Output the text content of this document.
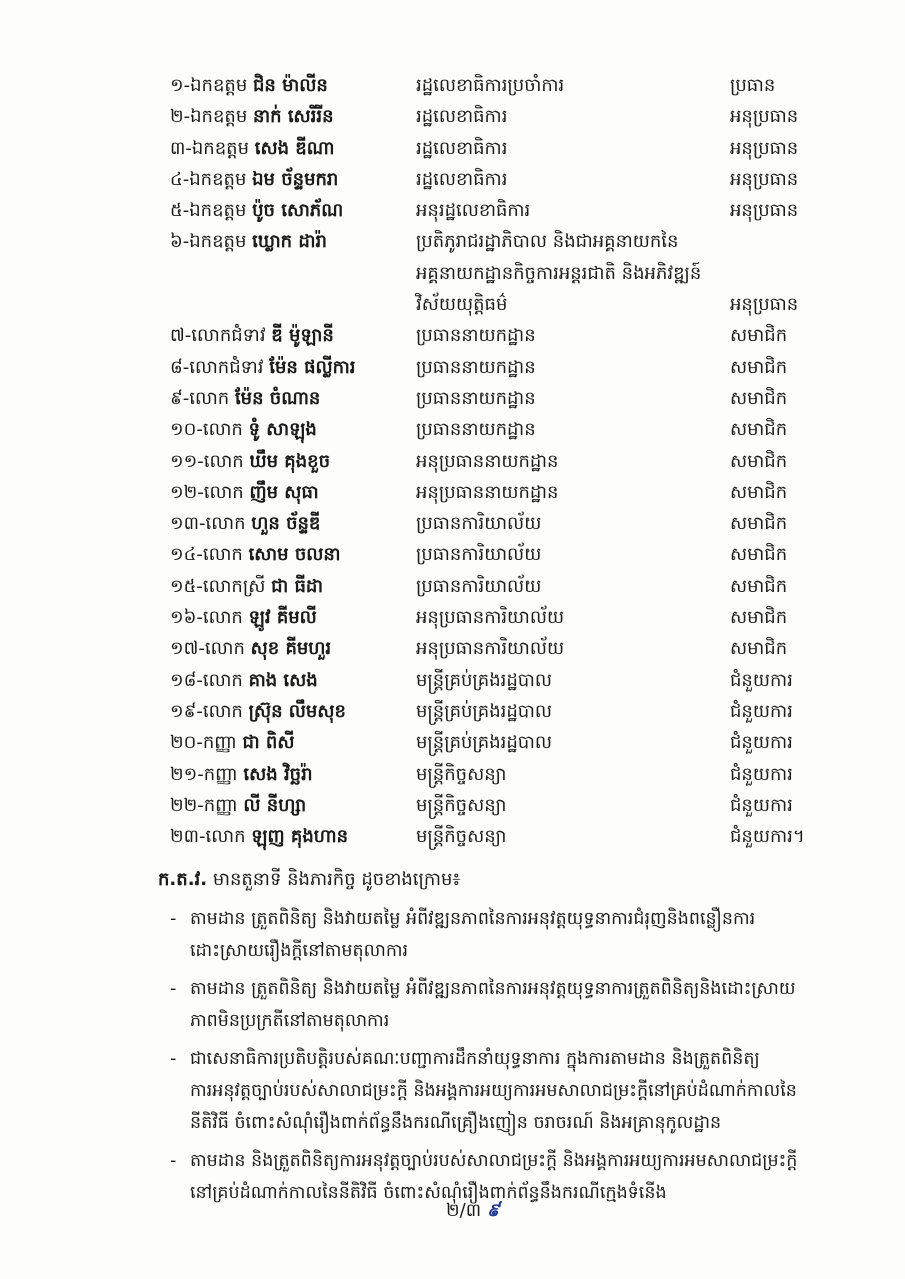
១-ឯកឧត្តម ជិន ម៉ាលីន	រដ្ឋលេខាធិការប្រចាំការ	ប្រធាន
២-ឯកឧត្តម នាក់ សេរីរីន	រដ្ឋលេខាធិការ	អនុប្រធាន
៣-ឯកឧត្តម សេង ឌីណា	រដ្ឋលេខាធិការ	អនុប្រធាន
៤-ឯកឧត្តម ឯម ច័ន្ទមករា	រដ្ឋលេខាធិការ	អនុប្រធាន
៥-ឯកឧត្តម ប៉ូច សោភ័ណ	អនុរដ្ឋលេខាធិការ	អនុប្រធាន
៦-ឯកឧត្តម ឃ្លោក ដារ៉ា	ប្រតិភូរាជរដ្ឋាភិបាល និងជាអគ្គនាយកនៃ
អគ្គនាយកដ្ឋានកិច្ចការអន្តរជាតិ និងអភិវឌ្ឍន៍
វិស័យយុត្តិធម៌	អនុប្រធាន
៧-លោកជំទាវ ឌី ម៉ូឡានី	ប្រធាននាយកដ្ឋាន	សមាជិក
៨-លោកជំទាវ ម៉ែន ផល្លីការ	ប្រធាននាយកដ្ឋាន	សមាជិក
៩-លោក ម៉ែន ចំណាន	ប្រធាននាយកដ្ឋាន	សមាជិក
១០-លោក ទូំ សាឡុង	ប្រធាននាយកដ្ឋាន	សមាជិក
១១-លោក ឃឹម គុងខួច	អនុប្រធាននាយកដ្ឋាន	សមាជិក
១២-លោក ញឹម សុធា	អនុប្រធាននាយកដ្ឋាន	សមាជិក
១៣-លោក ហួន ច័ន្ទឌី	ប្រធានការិយាល័យ	សមាជិក
១៤-លោក សោម ចលនា	ប្រធានការិយាល័យ	សមាជិក
១៥-លោកស្រី ជា ធីដា	ប្រធានការិយាល័យ	សមាជិក
១៦-លោក ឡូវ គីមលី	អនុប្រធានការិយាល័យ	សមាជិក
១៧-លោក សុខ គីមហួរ	អនុប្រធានការិយាល័យ	សមាជិក
១៨-លោក គាង សេង	មន្ត្រីគ្រប់គ្រងរដ្ឋបាល	ជំនួយការ
១៩-លោក ស្រ៊ុន លឹមសុខ	មន្ត្រីគ្រប់គ្រងរដ្ឋបាល	ជំនួយការ
២០-កញ្ញា ជា ពិសី	មន្ត្រីគ្រប់គ្រងរដ្ឋបាល	ជំនួយការ
២១-កញ្ញា សេង វិច្ឆរ៉ា	មន្ត្រីកិច្ចសន្យា	ជំនួយការ
២២-កញ្ញា លី នីហ្សា	មន្ត្រីកិច្ចសន្យា	ជំនួយការ
២៣-លោក ឡុញ គុងហាន	មន្ត្រីកិច្ចសន្យា	ជំនួយការ។
ក.ត.វ. មានតួនាទី និងភារកិច្ច ដូចខាងក្រោម៖
- តាមដាន ត្រួតពិនិត្យ និងវាយតម្លៃ អំពីវឌ្ឍនភាពនៃការអនុវត្តយុទ្ធនាការជំរុញនិងពន្លឿនការ
ដោះស្រាយរឿងក្តីនៅតាមតុលាការ
- តាមដាន ត្រួតពិនិត្យ និងវាយតម្លៃ អំពីវឌ្ឍនភាពនៃការអនុវត្តយុទ្ធនាការត្រួតពិនិត្យនិងដោះស្រាយ
ភាពមិនប្រក្រតីនៅតាមតុលាការ
- ជាសេនាធិការប្រតិបត្តិរបស់គណៈបញ្ជាការដឹកនាំយុទ្ធនាការ ក្នុងការតាមដាន និងត្រួតពិនិត្យ
ការអនុវត្តច្បាប់របស់សាលាជម្រះក្តី និងអង្គការអយ្យការអមសាលាជម្រះក្តីនៅគ្រប់ដំណាក់កាលនៃ
នីតិវិធី ចំពោះសំណុំរឿងពាក់ព័ន្ធនឹងករណីគ្រឿងញៀន ចរាចរណ៍ និងអគ្រានុកូលដ្ឋាន
- តាមដាន និងត្រួតពិនិត្យការអនុវត្តច្បាប់របស់សាលាជម្រះក្តី និងអង្គការអយ្យការអមសាលាជម្រះក្តី
នៅគ្រប់ដំណាក់កាលនៃនីតិវិធី ចំពោះសំណុំរឿងពាក់ព័ន្ធនឹងករណីក្មេងទំនើង
២/៣ ៩
